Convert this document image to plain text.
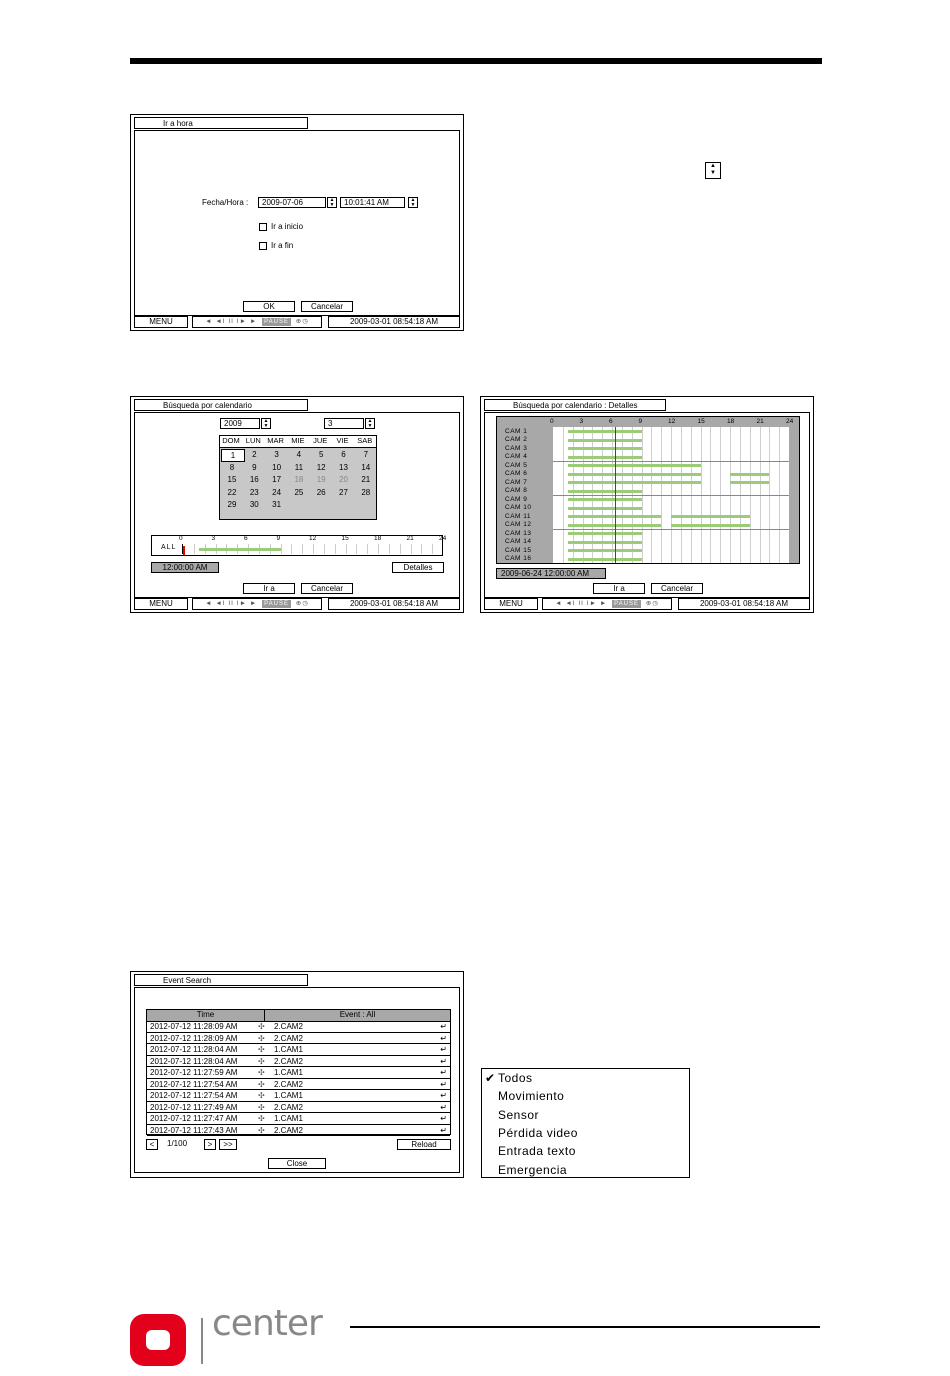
Ir a hora
Fecha/Hora :	2009-07-06	▲
▼	10:01:41 AM	▲
▼
Ir a inicio
Ir a fin
OK	Cancelar
MENU	◄ ◄I II I► ► PAUSE ⊕◷	2009-03-01 08:54:18 AM
▲
▼
Búsqueda por calendario
2009	▲
▼	3	▲
▼
DOM LUN MAR MIE	JUE	VIE	SAB
1	2	3	4	5	6	7
8	9	10	11	12	13	14
15	16	17	18	19	20	21
22	23	24	25	26	27	28
29	30	31
ALL
0	3	6	9	12	15	18	21	24
12:00:00 AM	Detalles
Ir a	Cancelar
MENU	◄ ◄I II I► ► PAUSE ⊕◷	2009-03-01 08:54:18 AM
Búsqueda por calendario : Detalles
0	3	6	9	12	15	18	21	24
CAM 1
CAM 2
CAM 3
CAM 4
CAM 5
CAM 6
CAM 7
CAM 8
CAM 9
CAM 10
CAM 11
CAM 12
CAM 13
CAM 14
CAM 15
CAM 16
2009-06-24 12:00:00 AM
Ir a	Cancelar
MENU	◄ ◄I II I► ► PAUSE ⊕◷	2009-03-01 08:54:18 AM
Event Search
Time	Event : All
2012-07-12 11:28:09 AM	✣ 2.CAM2	↵
2012-07-12 11:28:09 AM	✣ 2.CAM2	↵
2012-07-12 11:28:04 AM	✣ 1.CAM1	↵
2012-07-12 11:28:04 AM	✣ 2.CAM2	↵
2012-07-12 11:27:59 AM	✣ 1.CAM1	↵
2012-07-12 11:27:54 AM	✣ 2.CAM2	↵
2012-07-12 11:27:54 AM	✣ 1.CAM1	↵
2012-07-12 11:27:49 AM	✣ 2.CAM2	↵
2012-07-12 11:27:47 AM	✣ 1.CAM1	↵
2012-07-12 11:27:43 AM	✣ 2.CAM2	↵
<	1/100	>	>>	Reload
Close
✔ Todos
Movimiento
Sensor
Pérdida video
Entrada texto
Emergencia
center
